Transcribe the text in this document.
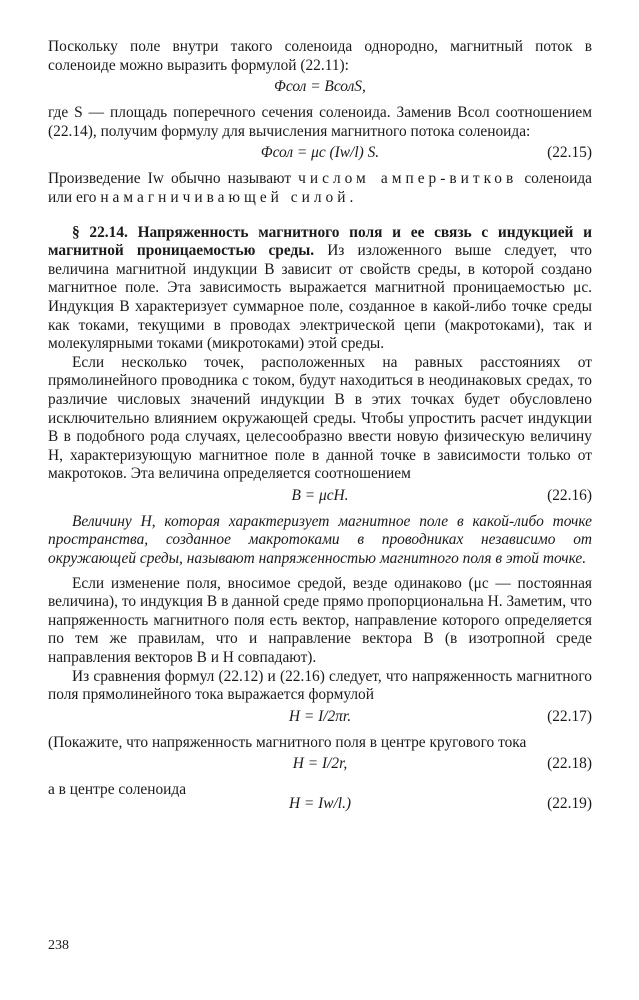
Поскольку поле внутри такого соленоида однородно, магнитный поток в соленоиде можно выразить формулой (22.11):

Φсол = BсолS,

где S — площадь поперечного сечения соленоида. Заменив Bсол соотношением (22.14), получим формулу для вычисления магнитного потока соленоида:

Φсол = μс (Iw/l) S.	(22.15)

Произведение Iw обычно называют числом ампер-витков соленоида или его намагничивающей силой.

§ 22.14. Напряженность магнитного поля и ее связь с индукцией и магнитной проницаемостью среды. Из изложенного выше следует, что величина магнитной индукции B зависит от свойств среды, в которой создано магнитное поле. Эта зависимость выражается магнитной проницаемостью μс. Индукция B характеризует суммарное поле, созданное в какой-либо точке среды как токами, текущими в проводах электрической цепи (макротоками), так и молекулярными токами (микротоками) этой среды.

Если несколько точек, расположенных на равных расстояниях от прямолинейного проводника с током, будут находиться в неодинаковых средах, то различие числовых значений индукции B в этих точках будет обусловлено исключительно влиянием окружающей среды. Чтобы упростить расчет индукции B в подобного рода случаях, целесообразно ввести новую физическую величину H, характеризующую магнитное поле в данной точке в зависимости только от макротоков. Эта величина определяется соотношением

B = μсH.	(22.16)

Величину H, которая характеризует магнитное поле в какой-либо точке пространства, созданное макротоками в проводниках независимо от окружающей среды, называют напряженностью магнитного поля в этой точке.

Если изменение поля, вносимое средой, везде одинаково (μс — постоянная величина), то индукция B в данной среде прямо пропорциональна H. Заметим, что напряженность магнитного поля есть вектор, направление которого определяется по тем же правилам, что и направление вектора B (в изотропной среде направления векторов B и H совпадают).

Из сравнения формул (22.12) и (22.16) следует, что напряженность магнитного поля прямолинейного тока выражается формулой

H = I/2πr.	(22.17)

(Покажите, что напряженность магнитного поля в центре кругового тока

H = I/2r,	(22.18)
а в центре соленоида
H = Iw/l.)	(22.19)
238
